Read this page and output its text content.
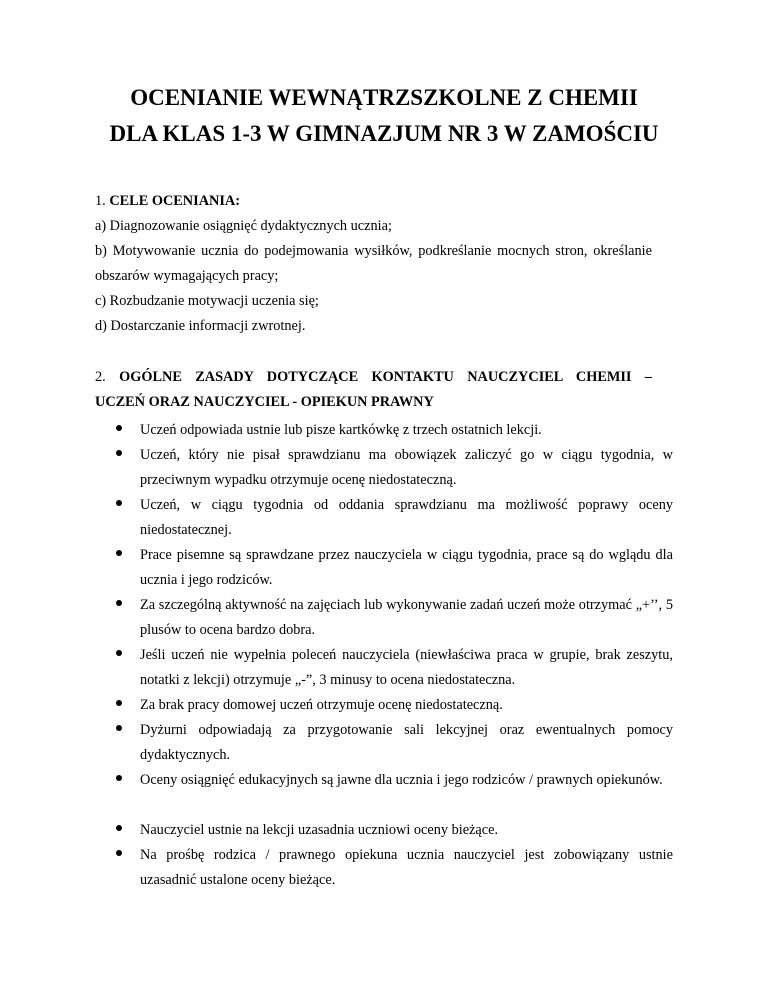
OCENIANIE WEWNĄTRZSZKOLNE Z CHEMII
DLA KLAS 1-3 W GIMNAZJUM NR 3 W ZAMOŚCIU
1. CELE OCENIANIA:
a) Diagnozowanie osiągnięć dydaktycznych ucznia;
b) Motywowanie ucznia do podejmowania wysiłków, podkreślanie mocnych stron, określanie
obszarów wymagających pracy;
c) Rozbudzanie motywacji uczenia się;
d) Dostarczanie informacji zwrotnej.
2. OGÓLNE ZASADY DOTYCZĄCE KONTAKTU NAUCZYCIEL CHEMII –
UCZEŃ ORAZ NAUCZYCIEL - OPIEKUN PRAWNY
Uczeń odpowiada ustnie lub pisze kartkówkę z trzech ostatnich lekcji.
Uczeń, który nie pisał sprawdzianu ma obowiązek zaliczyć go w ciągu tygodnia, w przeciwnym wypadku otrzymuje ocenę niedostateczną.
Uczeń, w ciągu tygodnia od oddania sprawdzianu ma możliwość poprawy oceny niedostatecznej.
Prace pisemne są sprawdzane przez nauczyciela w ciągu tygodnia, prace są do wglądu dla ucznia i jego rodziców.
Za szczególną aktywność na zajęciach lub wykonywanie zadań uczeń może otrzymać „+’’, 5 plusów to ocena bardzo dobra.
Jeśli uczeń nie wypełnia poleceń nauczyciela (niewłaściwa praca w grupie, brak zeszytu, notatki z lekcji) otrzymuje „-”, 3 minusy to ocena niedostateczna.
Za brak pracy domowej uczeń otrzymuje ocenę niedostateczną.
Dyżurni odpowiadają za przygotowanie sali lekcyjnej oraz ewentualnych pomocy dydaktycznych.
Oceny osiągnięć edukacyjnych są jawne dla ucznia i jego rodziców / prawnych opiekunów.
Nauczyciel ustnie na lekcji uzasadnia uczniowi oceny bieżące.
Na prośbę rodzica / prawnego opiekuna ucznia nauczyciel jest zobowiązany ustnie uzasadnić ustalone oceny bieżące.
